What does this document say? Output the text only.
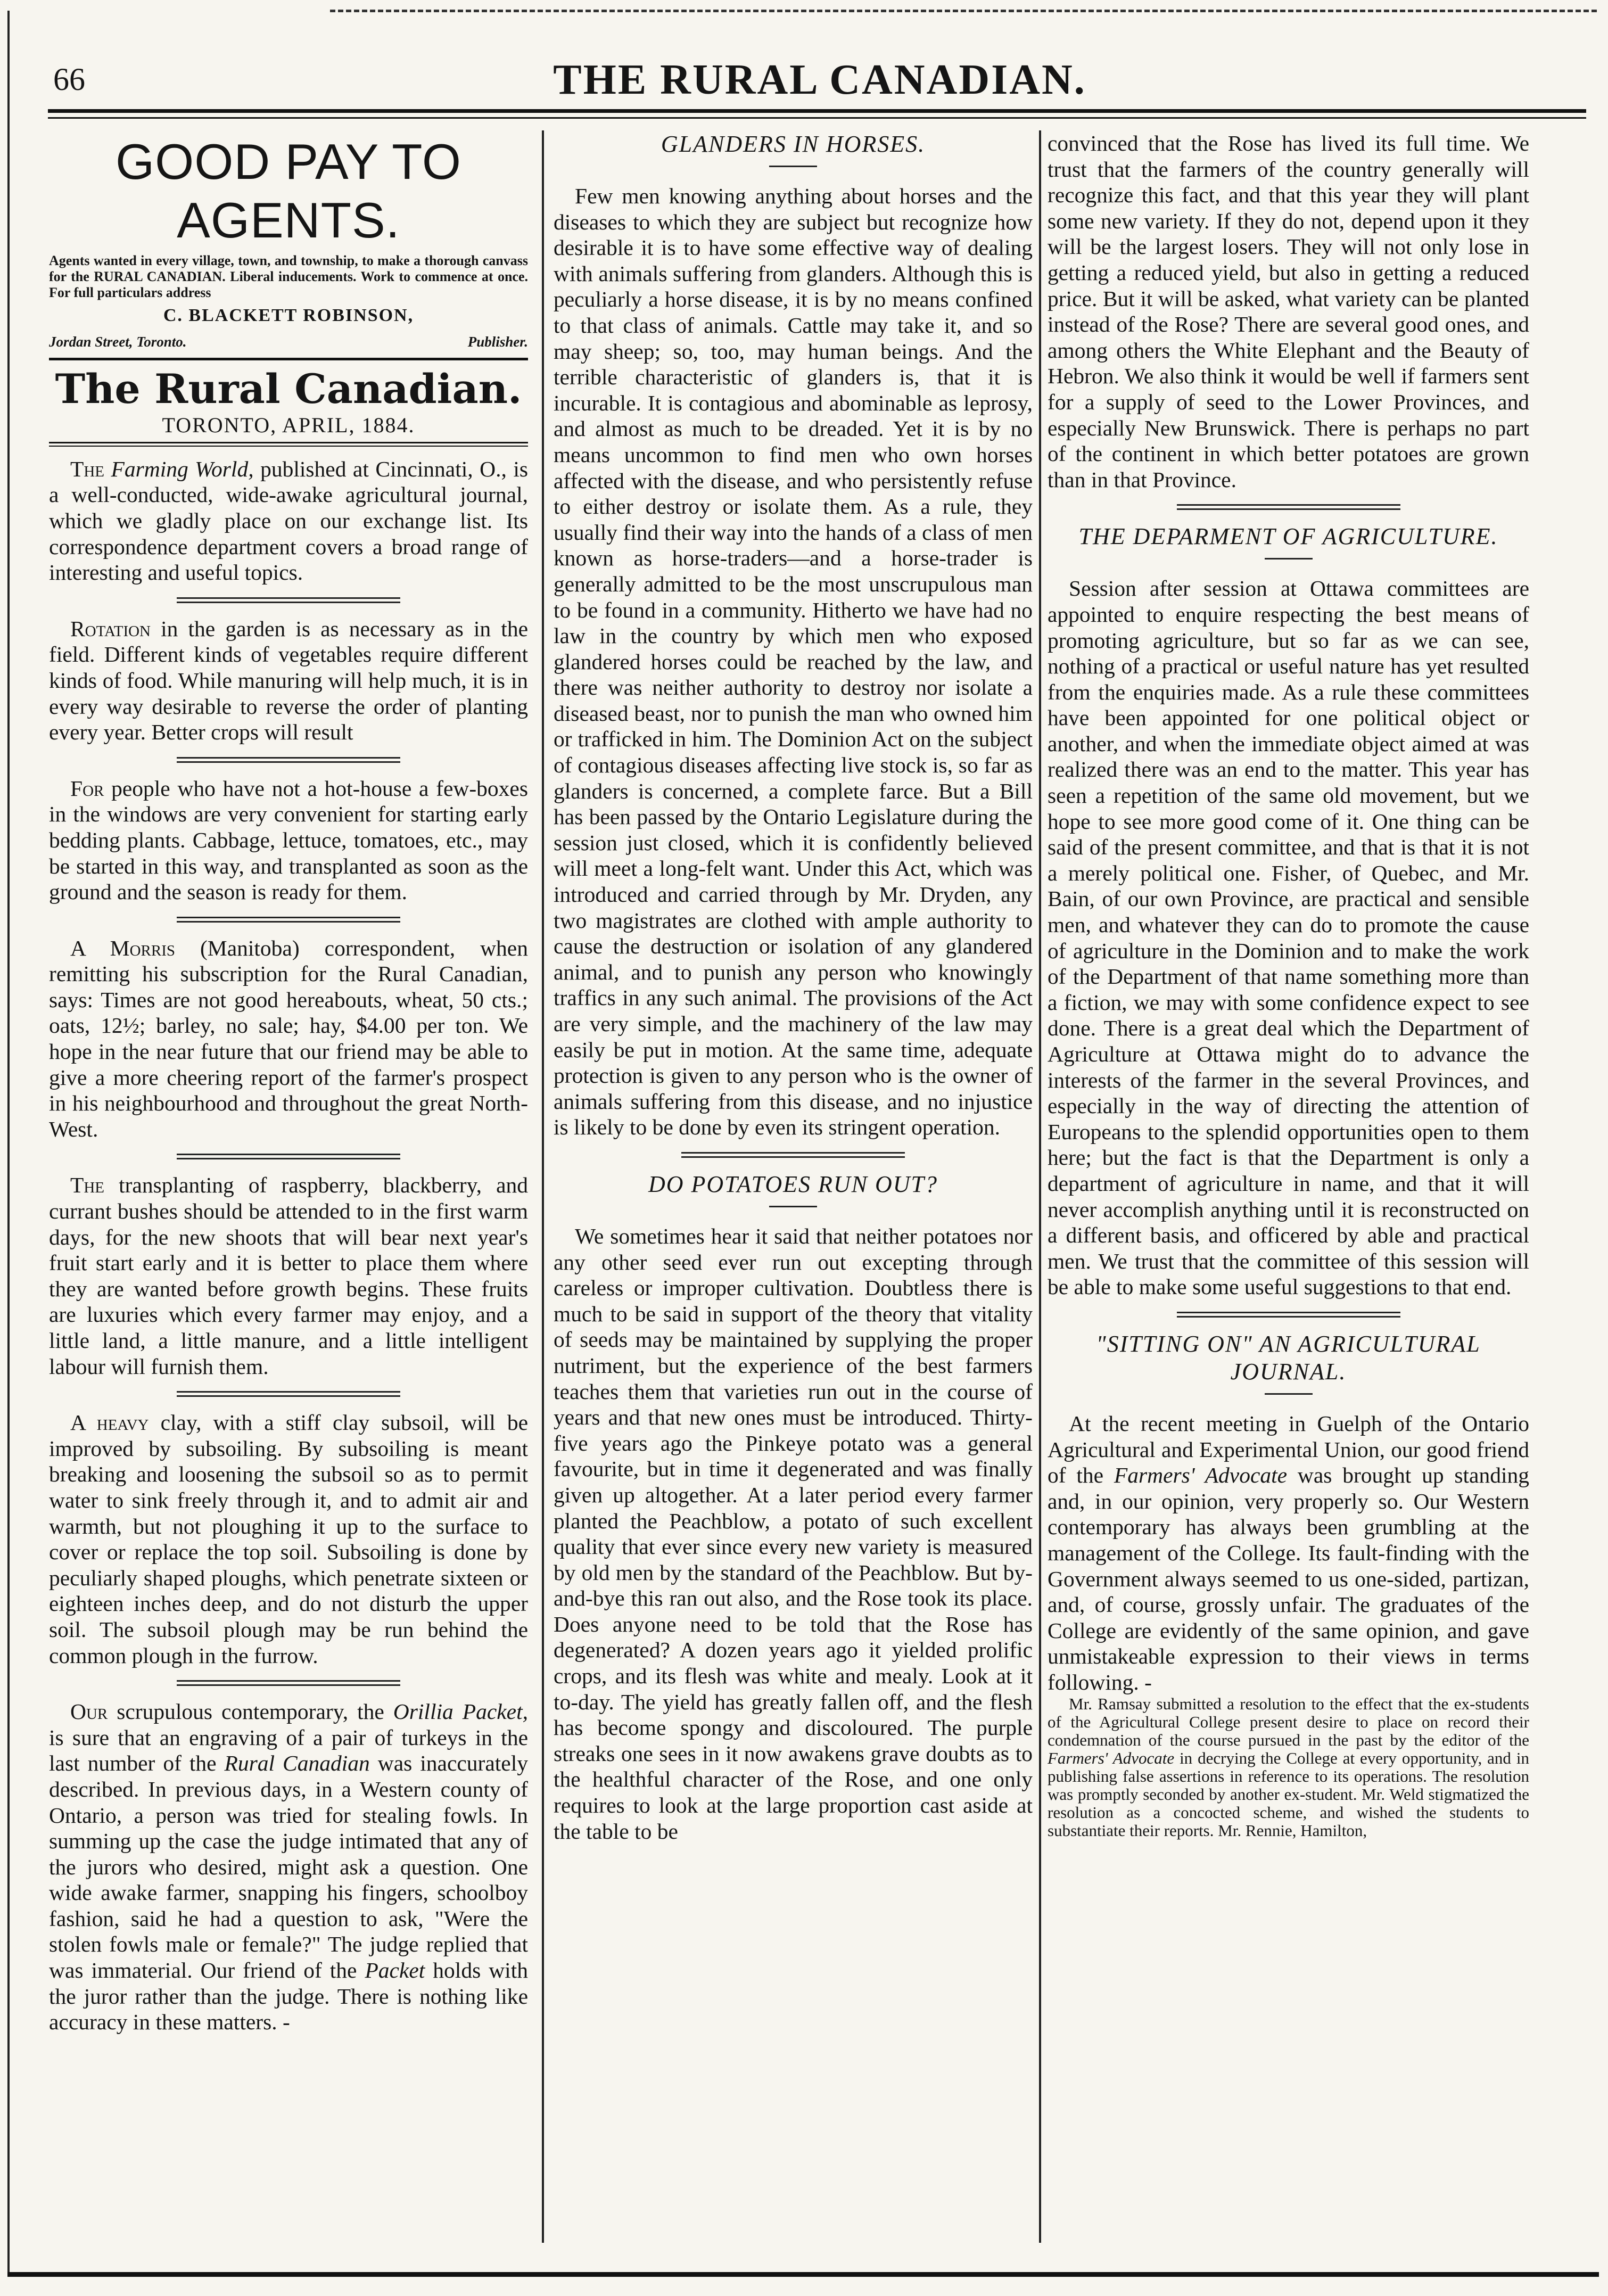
66	THE RURAL CANADIAN.
GOOD PAY TO AGENTS.
Agents wanted in every village, town, and township, to make a thorough canvass for the RURAL CANADIAN. Liberal inducements. Work to commence at once. For full particulars address
C. BLACKETT ROBINSON,
Jordan Street, Toronto.	Publisher.
The Rural Canadian.
TORONTO, APRIL, 1884.

The Farming World, published at Cincinnati, O., is a well-conducted, wide-awake agricultural journal, which we gladly place on our exchange list. Its correspondence department covers a broad range of interesting and useful topics.

Rotation in the garden is as necessary as in the field. Different kinds of vegetables require different kinds of food. While manuring will help much, it is in every way desirable to reverse the order of planting every year. Better crops will result

For people who have not a hot-house a few-boxes in the windows are very convenient for starting early bedding plants. Cabbage, lettuce, tomatoes, etc., may be started in this way, and transplanted as soon as the ground and the season is ready for them.

A Morris (Manitoba) correspondent, when remitting his subscription for the Rural Canadian, says: Times are not good hereabouts, wheat, 50 cts.; oats, 12½; barley, no sale; hay, $4.00 per ton. We hope in the near future that our friend may be able to give a more cheering report of the farmer's prospect in his neighbourhood and throughout the great North-West.

The transplanting of raspberry, blackberry, and currant bushes should be attended to in the first warm days, for the new shoots that will bear next year's fruit start early and it is better to place them where they are wanted before growth begins. These fruits are luxuries which every farmer may enjoy, and a little land, a little manure, and a little intelligent labour will furnish them.

A heavy clay, with a stiff clay subsoil, will be improved by subsoiling. By subsoiling is meant breaking and loosening the subsoil so as to permit water to sink freely through it, and to admit air and warmth, but not ploughing it up to the surface to cover or replace the top soil. Subsoiling is done by peculiarly shaped ploughs, which penetrate sixteen or eighteen inches deep, and do not disturb the upper soil. The subsoil plough may be run behind the common plough in the furrow.

Our scrupulous contemporary, the Orillia Packet, is sure that an engraving of a pair of turkeys in the last number of the Rural Canadian was inaccurately described. In previous days, in a Western county of Ontario, a person was tried for stealing fowls. In summing up the case the judge intimated that any of the jurors who desired, might ask a question. One wide awake farmer, snapping his fingers, schoolboy fashion, said he had a question to ask, "Were the stolen fowls male or female?" The judge replied that was immaterial. Our friend of the Packet holds with the juror rather than the judge. There is nothing like accuracy in these matters. -

GLANDERS IN HORSES.

Few men knowing anything about horses and the diseases to which they are subject but recognize how desirable it is to have some effective way of dealing with animals suffering from glanders. Although this is peculiarly a horse disease, it is by no means confined to that class of animals. Cattle may take it, and so may sheep; so, too, may human beings. And the terrible characteristic of glanders is, that it is incurable. It is contagious and abominable as leprosy, and almost as much to be dreaded. Yet it is by no means uncommon to find men who own horses affected with the disease, and who persistently refuse to either destroy or isolate them. As a rule, they usually find their way into the hands of a class of men known as horse-traders—and a horse-trader is generally admitted to be the most unscrupulous man to be found in a community. Hitherto we have had no law in the country by which men who exposed glandered horses could be reached by the law, and there was neither authority to destroy nor isolate a diseased beast, nor to punish the man who owned him or trafficked in him. The Dominion Act on the subject of contagious diseases affecting live stock is, so far as glanders is concerned, a complete farce. But a Bill has been passed by the Ontario Legislature during the session just closed, which it is confidently believed will meet a long-felt want. Under this Act, which was introduced and carried through by Mr. Dryden, any two magistrates are clothed with ample authority to cause the destruction or isolation of any glandered animal, and to punish any person who knowingly traffics in any such animal. The provisions of the Act are very simple, and the machinery of the law may easily be put in motion. At the same time, adequate protection is given to any person who is the owner of animals suffering from this disease, and no injustice is likely to be done by even its stringent operation.

DO POTATOES RUN OUT?

We sometimes hear it said that neither potatoes nor any other seed ever run out excepting through careless or improper cultivation. Doubtless there is much to be said in support of the theory that vitality of seeds may be maintained by supplying the proper nutriment, but the experience of the best farmers teaches them that varieties run out in the course of years and that new ones must be introduced. Thirty-five years ago the Pinkeye potato was a general favourite, but in time it degenerated and was finally given up altogether. At a later period every farmer planted the Peachblow, a potato of such excellent quality that ever since every new variety is measured by old men by the standard of the Peachblow. But by-and-bye this ran out also, and the Rose took its place. Does anyone need to be told that the Rose has degenerated? A dozen years ago it yielded prolific crops, and its flesh was white and mealy. Look at it to-day. The yield has greatly fallen off, and the flesh has become spongy and discoloured. The purple streaks one sees in it now awakens grave doubts as to the healthful character of the Rose, and one only requires to look at the large proportion cast aside at the table to be

convinced that the Rose has lived its full time. We trust that the farmers of the country generally will recognize this fact, and that this year they will plant some new variety. If they do not, depend upon it they will be the largest losers. They will not only lose in getting a reduced yield, but also in getting a reduced price. But it will be asked, what variety can be planted instead of the Rose? There are several good ones, and among others the White Elephant and the Beauty of Hebron. We also think it would be well if farmers sent for a supply of seed to the Lower Provinces, and especially New Brunswick. There is perhaps no part of the continent in which better potatoes are grown than in that Province.

THE DEPARMENT OF AGRICULTURE.

Session after session at Ottawa committees are appointed to enquire respecting the best means of promoting agriculture, but so far as we can see, nothing of a practical or useful nature has yet resulted from the enquiries made. As a rule these committees have been appointed for one political object or another, and when the immediate object aimed at was realized there was an end to the matter. This year has seen a repetition of the same old movement, but we hope to see more good come of it. One thing can be said of the present committee, and that is that it is not a merely political one. Fisher, of Quebec, and Mr. Bain, of our own Province, are practical and sensible men, and whatever they can do to promote the cause of agriculture in the Dominion and to make the work of the Department of that name something more than a fiction, we may with some confidence expect to see done. There is a great deal which the Department of Agriculture at Ottawa might do to advance the interests of the farmer in the several Provinces, and especially in the way of directing the attention of Europeans to the splendid opportunities open to them here; but the fact is that the Department is only a department of agriculture in name, and that it will never accomplish anything until it is reconstructed on a different basis, and officered by able and practical men. We trust that the committee of this session will be able to make some useful suggestions to that end.

"SITTING ON" AN AGRICULTURAL JOURNAL.

At the recent meeting in Guelph of the Ontario Agricultural and Experimental Union, our good friend of the Farmers' Advocate was brought up standing and, in our opinion, very properly so. Our Western contemporary has always been grumbling at the management of the College. Its fault-finding with the Government always seemed to us one-sided, partizan, and, of course, grossly unfair. The graduates of the College are evidently of the same opinion, and gave unmistakeable expression to their views in terms following. -

Mr. Ramsay submitted a resolution to the effect that the ex-students of the Agricultural College present desire to place on record their condemnation of the course pursued in the past by the editor of the Farmers' Advocate in decrying the College at every opportunity, and in publishing false assertions in reference to its operations. The resolution was promptly seconded by another ex-student. Mr. Weld stigmatized the resolution as a concocted scheme, and wished the students to substantiate their reports. Mr. Rennie, Hamilton,
